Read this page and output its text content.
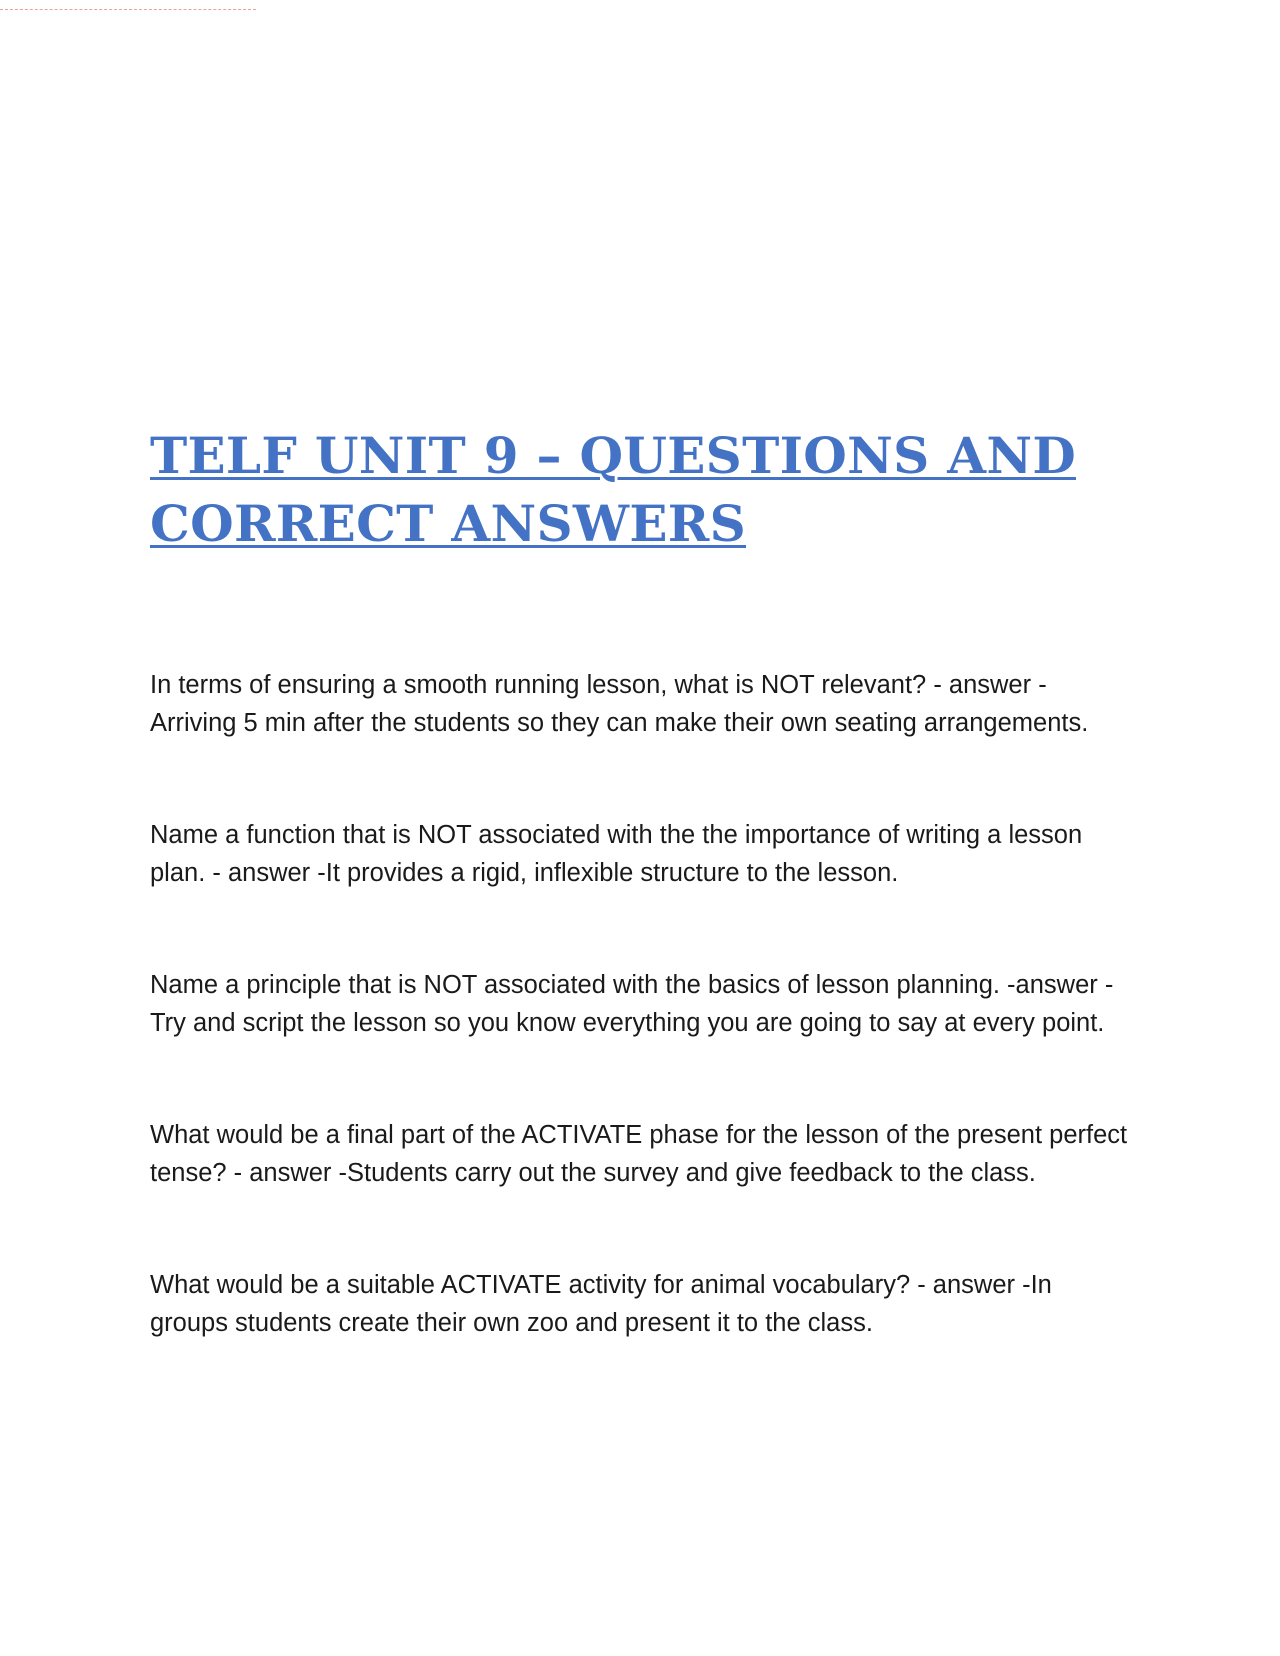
TELF UNIT 9 – QUESTIONS AND CORRECT ANSWERS

In terms of ensuring a smooth running lesson, what is NOT relevant? - answer -Arriving 5 min after the students so they can make their own seating arrangements.

Name a function that is NOT associated with the the importance of writing a lesson plan. - answer -It provides a rigid, inflexible structure to the lesson.

Name a principle that is NOT associated with the basics of lesson planning. -answer -Try and script the lesson so you know everything you are going to say at every point.

What would be a final part of the ACTIVATE phase for the lesson of the present perfect tense? - answer -Students carry out the survey and give feedback to the class.

What would be a suitable ACTIVATE activity for animal vocabulary? - answer -In groups students create their own zoo and present it to the class.
